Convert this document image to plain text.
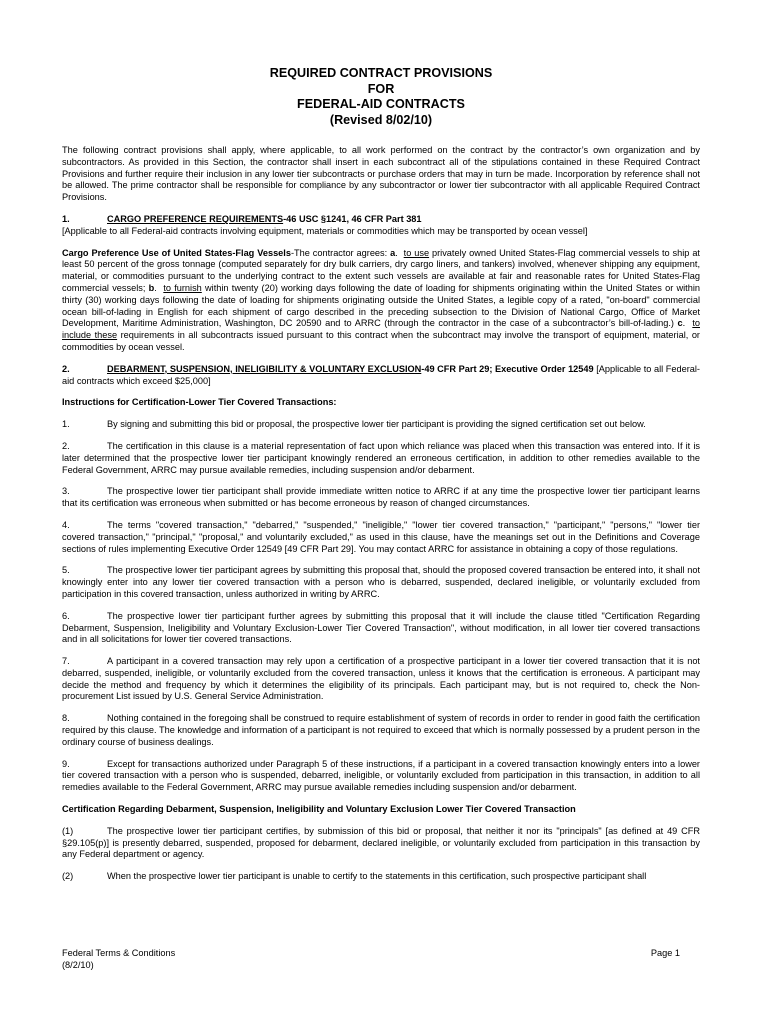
REQUIRED CONTRACT PROVISIONS
FOR
FEDERAL-AID CONTRACTS
(Revised 8/02/10)

The following contract provisions shall apply, where applicable, to all work performed on the contract by the contractor’s own organization and by subcontractors. As provided in this Section, the contractor shall insert in each subcontract all of the stipulations contained in these Required Contract Provisions and further require their inclusion in any lower tier subcontracts or purchase orders that may in turn be made. Incorporation by reference shall not be allowed. The prime contractor shall be responsible for compliance by any subcontractor or lower tier subcontractor with all applicable Required Contract Provisions.

1.	CARGO PREFERENCE REQUIREMENTS-46 USC §1241, 46 CFR Part 381

[Applicable to all Federal-aid contracts involving equipment, materials or commodities which may be transported by ocean vessel]

Cargo Preference Use of United States-Flag Vessels-The contractor agrees: a.  to use privately owned United States-Flag commercial vessels to ship at least 50 percent of the gross tonnage (computed separately for dry bulk carriers, dry cargo liners, and tankers) involved, whenever shipping any equipment, material, or commodities pursuant to the underlying contract to the extent such vessels are available at fair and reasonable rates for United States-Flag commercial vessels; b.  to furnish within twenty (20) working days following the date of loading for shipments originating within the United States or within thirty (30) working days following the date of loading for shipments originating outside the United States, a legible copy of a rated, "on-board" commercial ocean bill-of-lading in English for each shipment of cargo described in the preceding subsection to the Division of National Cargo, Office of Market Development, Maritime Administration, Washington, DC 20590 and to ARRC (through the contractor in the case of a subcontractor’s bill-of-lading.) c.  to include these requirements in all subcontracts issued pursuant to this contract when the subcontract may involve the transport of equipment, material, or commodities by ocean vessel.

2.	DEBARMENT, SUSPENSION, INELIGIBILITY & VOLUNTARY EXCLUSION-49 CFR Part 29; Executive Order 12549 [Applicable to all Federal-aid contracts which exceed $25,000]

Instructions for Certification-Lower Tier Covered Transactions:

1.	By signing and submitting this bid or proposal, the prospective lower tier participant is providing the signed certification set out below.

2.	The certification in this clause is a material representation of fact upon which reliance was placed when this transaction was entered into. If it is later determined that the prospective lower tier participant knowingly rendered an erroneous certification, in addition to other remedies available to the Federal Government, ARRC may pursue available remedies, including suspension and/or debarment.

3.	The prospective lower tier participant shall provide immediate written notice to ARRC if at any time the prospective lower tier participant learns that its certification was erroneous when submitted or has become erroneous by reason of changed circumstances.

4.	The terms "covered transaction," "debarred," "suspended," "ineligible," "lower tier covered transaction," "participant," "persons," "lower tier covered transaction," "principal," "proposal," and voluntarily excluded," as used in this clause, have the meanings set out in the Definitions and Coverage sections of rules implementing Executive Order 12549 [49 CFR Part 29]. You may contact ARRC for assistance in obtaining a copy of those regulations.

5.	The prospective lower tier participant agrees by submitting this proposal that, should the proposed covered transaction be entered into, it shall not knowingly enter into any lower tier covered transaction with a person who is debarred, suspended, declared ineligible, or voluntarily excluded from participation in this covered transaction, unless authorized in writing by ARRC.

6.	The prospective lower tier participant further agrees by submitting this proposal that it will include the clause titled "Certification Regarding Debarment, Suspension, Ineligibility and Voluntary Exclusion-Lower Tier Covered Transaction", without modification, in all lower tier covered transactions and in all solicitations for lower tier covered transactions.

7.	A participant in a covered transaction may rely upon a certification of a prospective participant in a lower tier covered transaction that it is not debarred, suspended, ineligible, or voluntarily excluded from the covered transaction, unless it knows that the certification is erroneous. A participant may decide the method and frequency by which it determines the eligibility of its principals. Each participant may, but is not required to, check the Non-procurement List issued by U.S. General Service Administration.

8.	Nothing contained in the foregoing shall be construed to require establishment of system of records in order to render in good faith the certification required by this clause. The knowledge and information of a participant is not required to exceed that which is normally possessed by a prudent person in the ordinary course of business dealings.

9.	Except for transactions authorized under Paragraph 5 of these instructions, if a participant in a covered transaction knowingly enters into a lower tier covered transaction with a person who is suspended, debarred, ineligible, or voluntarily excluded from participation in this transaction, in addition to all remedies available to the Federal Government, ARRC may pursue available remedies including suspension and/or debarment.

Certification Regarding Debarment, Suspension, Ineligibility and Voluntary Exclusion Lower Tier Covered Transaction

(1)	The prospective lower tier participant certifies, by submission of this bid or proposal, that neither it nor its "principals" [as defined at 49 CFR §29.105(p)] is presently debarred, suspended, proposed for debarment, declared ineligible, or voluntarily excluded from participation in this transaction by any Federal department or agency.

(2)	When the prospective lower tier participant is unable to certify to the statements in this certification, such prospective participant shall

Federal Terms & Conditions
(8/2/10)
Page 1
